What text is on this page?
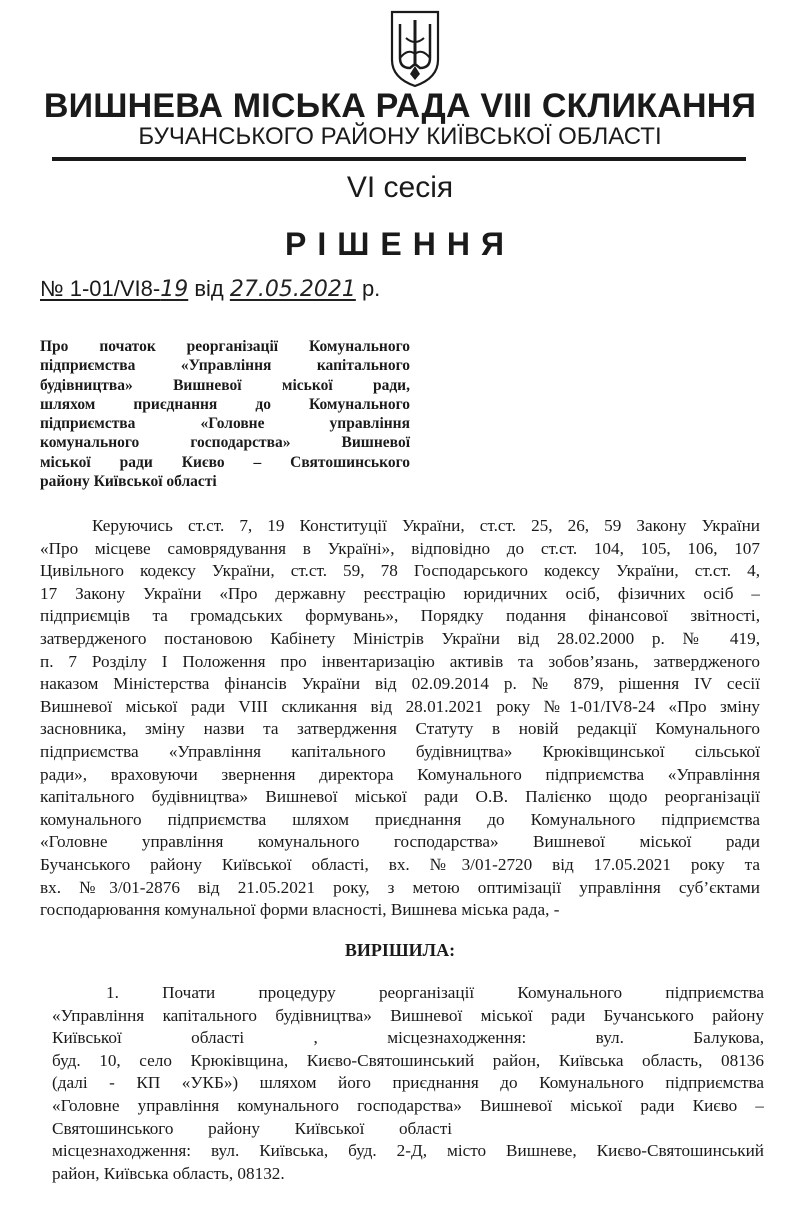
ВИШНЕВА МІСЬКА РАДА VIII СКЛИКАННЯ
БУЧАНСЬКОГО РАЙОНУ КИЇВСЬКОЇ ОБЛАСТІ
VI сесія
РІШЕННЯ
№ 1-01/VI8-19 від 27.05.2021 р.
Про початок реорганізації Комунального
підприємства «Управління капітального
будівництва» Вишневої міської ради,
шляхом приєднання до Комунального
підприємства «Головне управління
комунального господарства» Вишневої
міської ради Києво – Святошинського
району Київської області
Керуючись ст.ст. 7, 19 Конституції України, ст.ст. 25, 26, 59 Закону України
«Про місцеве самоврядування в Україні», відповідно до ст.ст. 104, 105, 106, 107
Цивільного кодексу України, ст.ст. 59, 78 Господарського кодексу України, ст.ст. 4,
17 Закону України «Про державну реєстрацію юридичних осіб, фізичних осіб –
підприємців та громадських формувань», Порядку подання фінансової звітності,
затвердженого постановою Кабінету Міністрів України від 28.02.2000 р. № 419,
п. 7 Розділу І Положення про інвентаризацію активів та зобов’язань, затвердженого
наказом Міністерства фінансів України від 02.09.2014 р. № 879, рішення IV сесії
Вишневої міської ради VIII скликання від 28.01.2021 року №1-01/IV8-24 «Про зміну
засновника, зміну назви та затвердження Статуту в новій редакції Комунального
підприємства «Управління капітального будівництва» Крюківщинської сільської
ради», враховуючи звернення директора Комунального підприємства «Управління
капітального будівництва» Вишневої міської ради О.В. Палієнко щодо реорганізації
комунального підприємства шляхом приєднання до Комунального підприємства
«Головне управління комунального господарства» Вишневої міської ради
Бучанського району Київської області, вх. №3/01-2720 від 17.05.2021 року та
вх. №3/01-2876 від 21.05.2021 року, з метою оптимізації управління суб’єктами
господарювання комунальної форми власності, Вишнева міська рада, -
ВИРІШИЛА:
1. Почати процедуру реорганізації Комунального підприємства
«Управління капітального будівництва» Вишневої міської ради Бучанського району
Київської області , місцезнаходження: вул. Балукова,
буд. 10, село Крюківщина, Києво-Святошинський район, Київська область, 08136
(далі - КП «УКБ») шляхом його приєднання до Комунального підприємства
«Головне управління комунального господарства» Вишневої міської ради Києво –
Святошинського району Київської області
місцезнаходження: вул. Київська, буд. 2-Д, місто Вишневе, Києво-Святошинський
район, Київська область, 08132.
